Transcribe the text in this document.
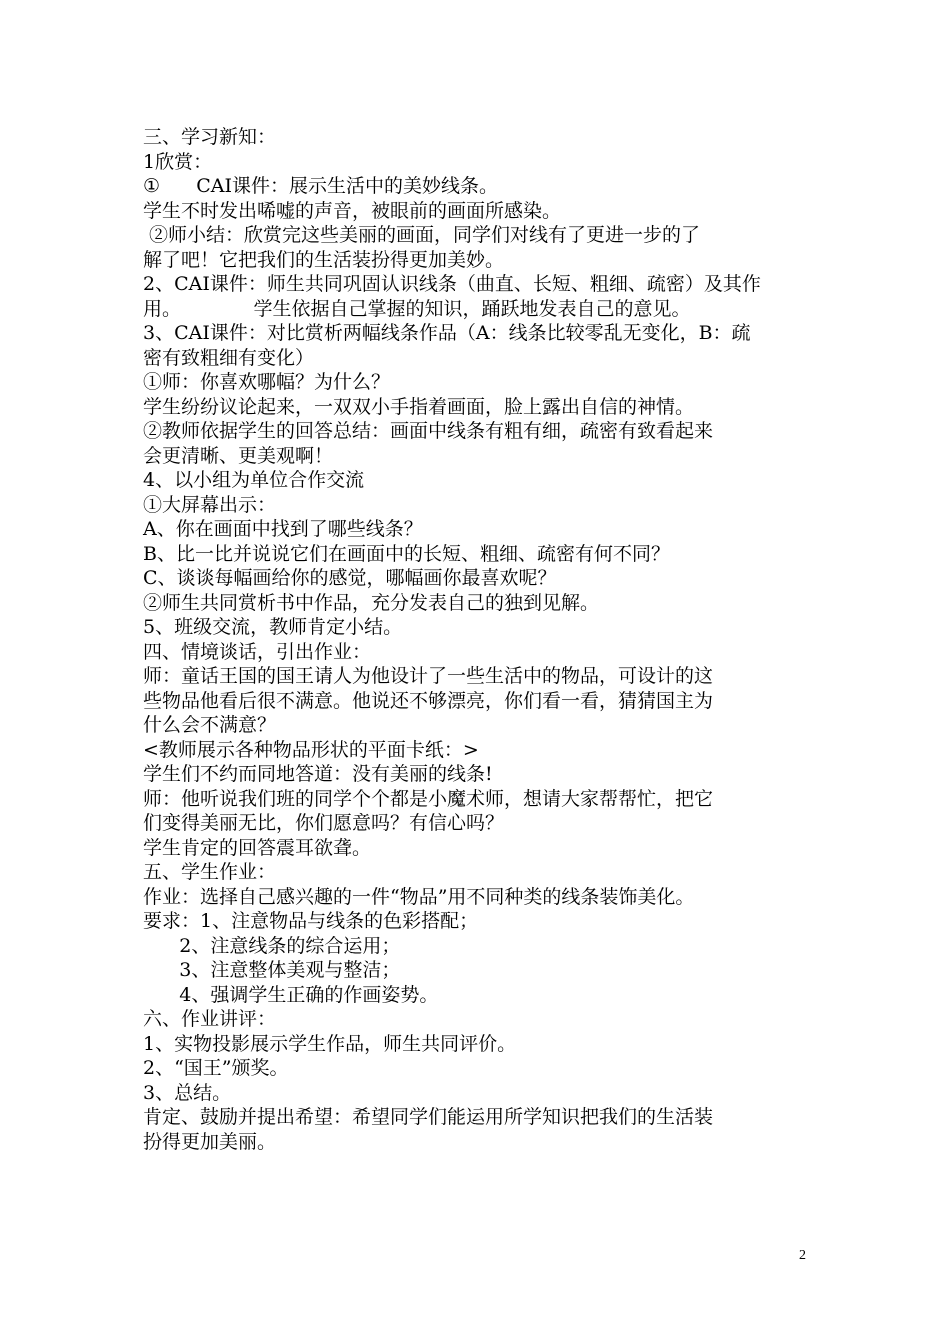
三、学习新知：
1欣赏：
①      CAI课件：展示生活中的美妙线条。
学生不时发出唏嘘的声音，被眼前的画面所感染。
②师小结：欣赏完这些美丽的画面，同学们对线有了更进一步的了
解了吧！它把我们的生活装扮得更加美妙。
2、CAI课件：师生共同巩固认识线条（曲直、长短、粗细、疏密）及其作
用。            学生依据自己掌握的知识，踊跃地发表自己的意见。
3、CAI课件：对比赏析两幅线条作品（A：线条比较零乱无变化，B：疏
密有致粗细有变化）
①师：你喜欢哪幅？为什么？
学生纷纷议论起来，一双双小手指着画面，脸上露出自信的神情。
②教师依据学生的回答总结：画面中线条有粗有细，疏密有致看起来
会更清晰、更美观啊！
4、以小组为单位合作交流
①大屏幕出示：
A、你在画面中找到了哪些线条？
B、比一比并说说它们在画面中的长短、粗细、疏密有何不同？
C、谈谈每幅画给你的感觉，哪幅画你最喜欢呢？
②师生共同赏析书中作品，充分发表自己的独到见解。
5、班级交流，教师肯定小结。
四、情境谈话，引出作业：
师：童话王国的国王请人为他设计了一些生活中的物品，可设计的这
些物品他看后很不满意。他说还不够漂亮，你们看一看，猜猜国主为
什么会不满意？
<教师展示各种物品形状的平面卡纸：>
学生们不约而同地答道：没有美丽的线条!
师：他听说我们班的同学个个都是小魔术师，想请大家帮帮忙，把它
们变得美丽无比，你们愿意吗？有信心吗？
学生肯定的回答震耳欲聋。
五、学生作业：
作业：选择自己感兴趣的一件“物品”用不同种类的线条装饰美化。
要求：1、注意物品与线条的色彩搭配；
2、注意线条的综合运用；
3、注意整体美观与整洁；
4、强调学生正确的作画姿势。
六、作业讲评：
1、实物投影展示学生作品，师生共同评价。
2、“国王”颁奖。
3、总结。
肯定、鼓励并提出希望：希望同学们能运用所学知识把我们的生活装
扮得更加美丽。
2
